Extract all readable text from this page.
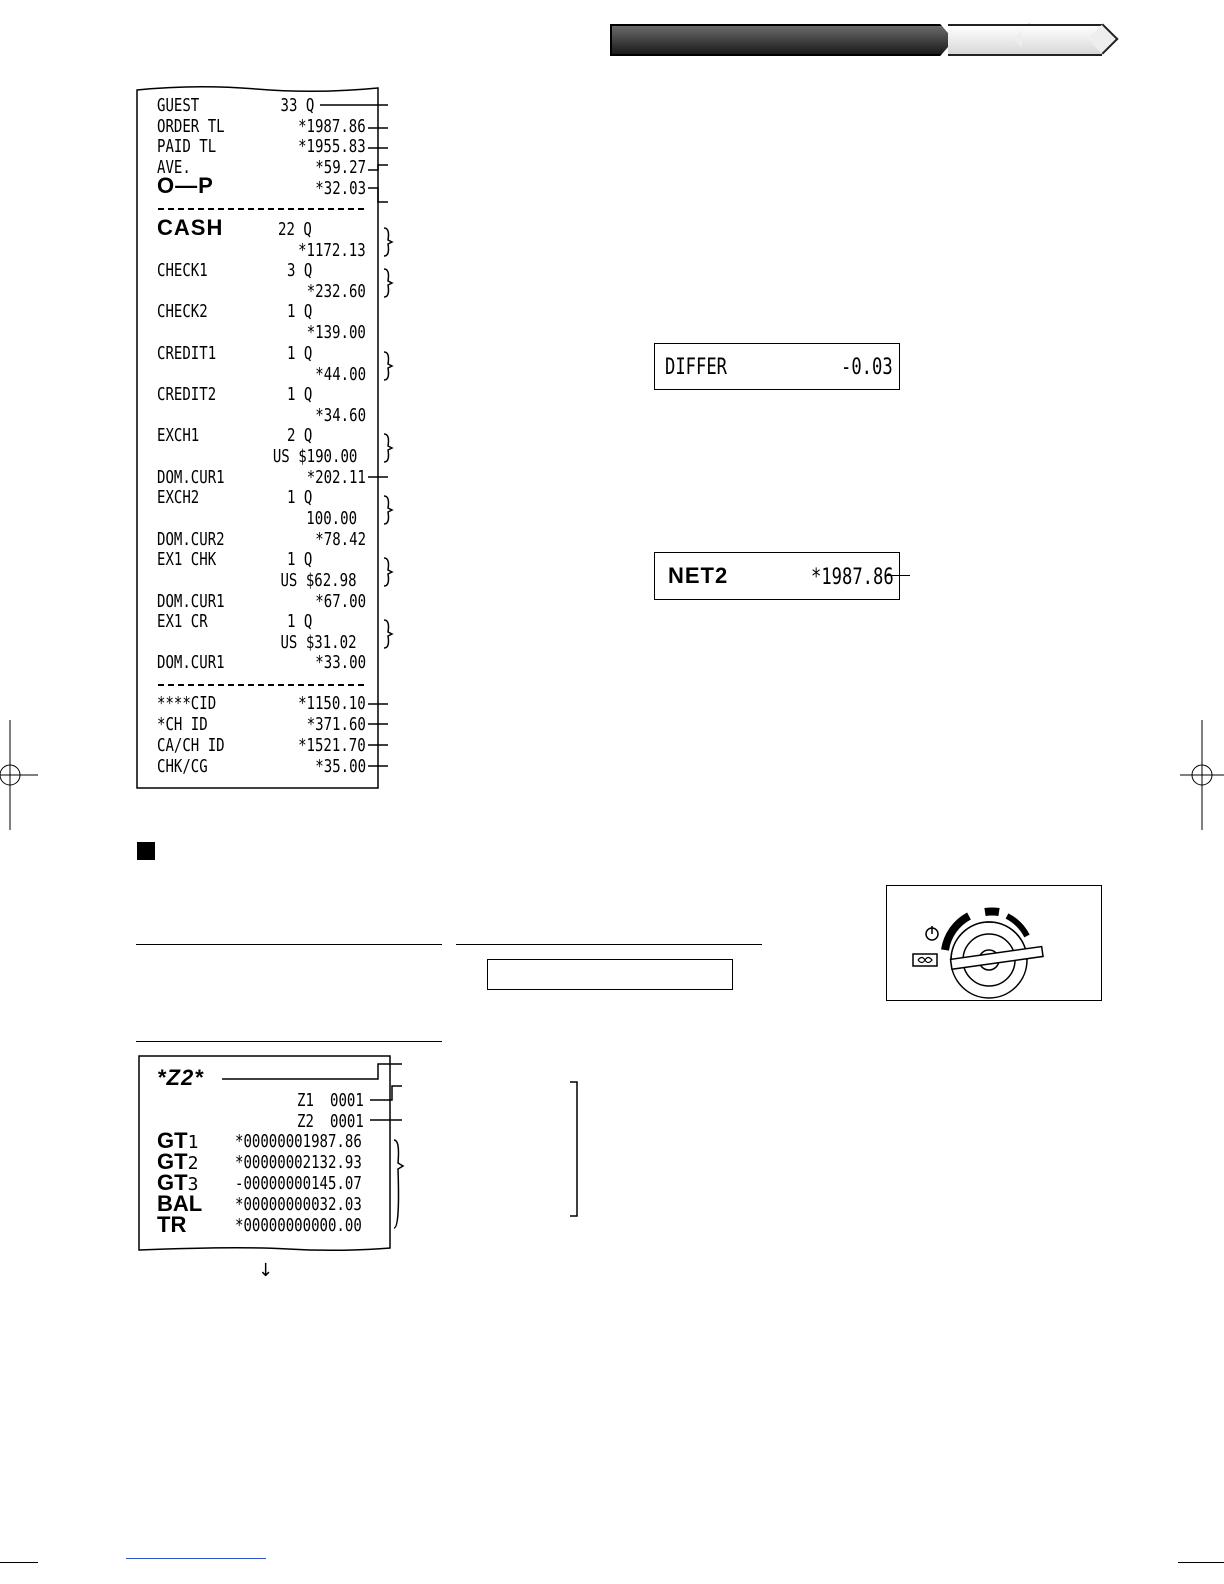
GUEST	33 Q
ORDER TL	*1987.86
PAID TL	*1955.83
AVE.	*59.27
O—P	*32.03
CASH	22 Q
*1172.13
CHECK1	3 Q
*232.60
CHECK2	1 Q
*139.00
CREDIT1	1 Q
*44.00
CREDIT2	1 Q
*34.60
EXCH1	2 Q
US $190.00
DOM.CUR1	*202.11
EXCH2	1 Q
100.00
DOM.CUR2	*78.42
EX1 CHK	1 Q
US $62.98
DOM.CUR1	*67.00
EX1 CR	1 Q
US $31.02
DOM.CUR1	*33.00
****CID	*1150.10
*CH ID	*371.60
CA/CH ID	*1521.70
CHK/CG	*35.00
DIFFER	-0.03
NET2	*1987.86
*Z2*
Z1 0001
Z2 0001
GT1 *00000001987.86
GT2 *00000002132.93
GT3 -00000000145.07
BAL *00000000032.03
TR	*00000000000.00
↓
